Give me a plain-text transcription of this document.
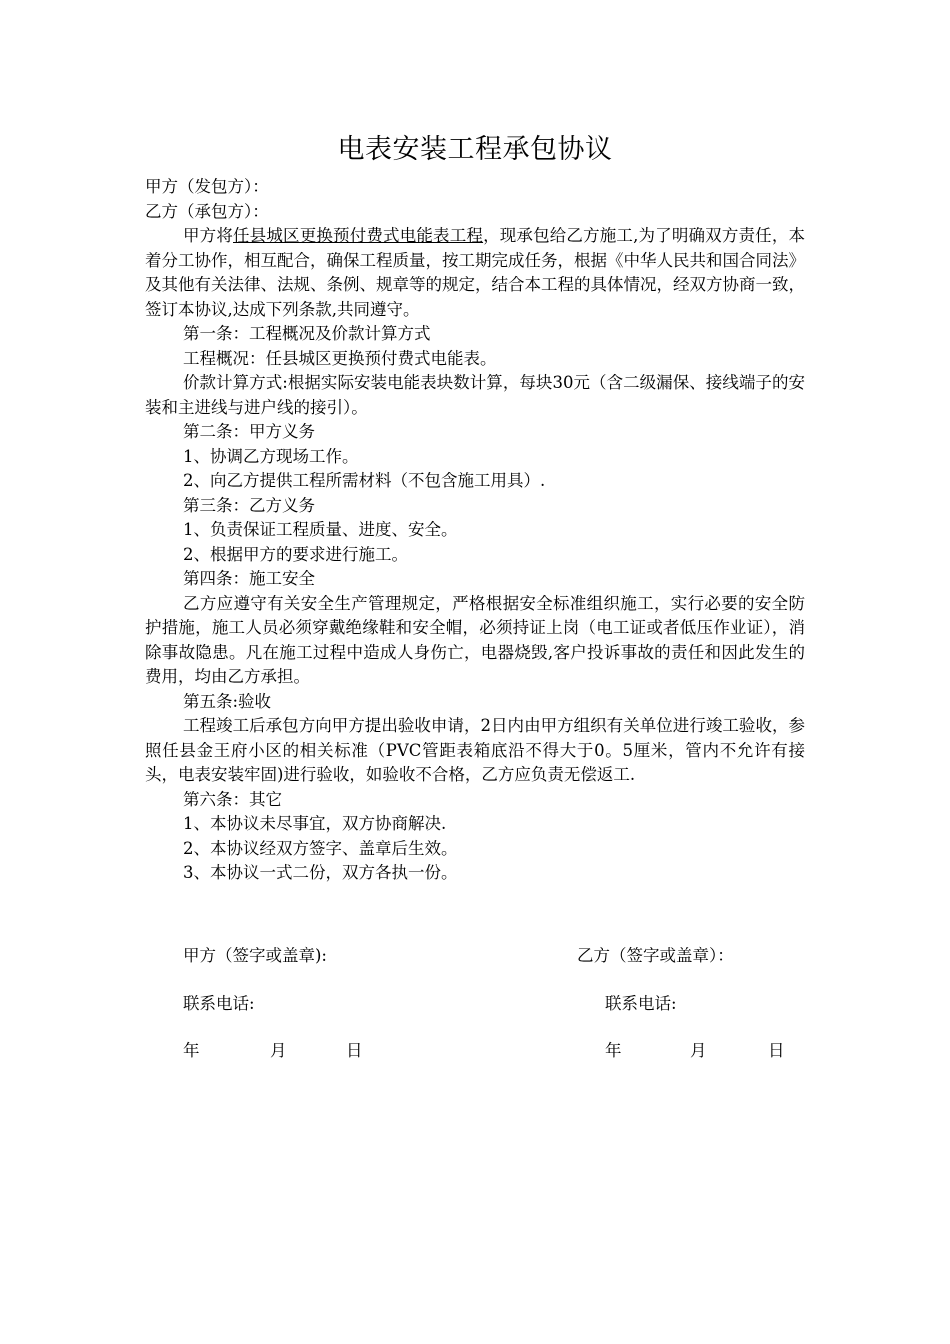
电表安装工程承包协议

甲方（发包方）：

乙方（承包方）：

甲方将任县城区更换预付费式电能表工程，现承包给乙方施工,为了明确双方责任，本着分工协作，相互配合，确保工程质量，按工期完成任务，根据《中华人民共和国合同法》及其他有关法律、法规、条例、规章等的规定，结合本工程的具体情况，经双方协商一致，签订本协议,达成下列条款,共同遵守。

第一条：工程概况及价款计算方式

工程概况：任县城区更换预付费式电能表。

价款计算方式:根据实际安装电能表块数计算，每块30元（含二级漏保、接线端子的安装和主进线与进户线的接引）。

第二条：甲方义务

1、协调乙方现场工作。

2、向乙方提供工程所需材料（不包含施工用具）.

第三条：乙方义务

1、负责保证工程质量、进度、安全。

2、根据甲方的要求进行施工。

第四条：施工安全

乙方应遵守有关安全生产管理规定，严格根据安全标准组织施工，实行必要的安全防护措施，施工人员必须穿戴绝缘鞋和安全帽，必须持证上岗（电工证或者低压作业证），消除事故隐患。凡在施工过程中造成人身伤亡，电器烧毁,客户投诉事故的责任和因此发生的费用，均由乙方承担。

第五条:验收

工程竣工后承包方向甲方提出验收申请，2日内由甲方组织有关单位进行竣工验收，参照任县金王府小区的相关标准（PVC管距表箱底沿不得大于0。5厘米，管内不允许有接头，电表安装牢固)进行验收，如验收不合格，乙方应负责无偿返工.

第六条：其它

1、本协议未尽事宜，双方协商解决.

2、本协议经双方签字、盖章后生效。

3、本协议一式二份，双方各执一份。

甲方（签字或盖章):	乙方（签字或盖章）：
联系电话:	联系电话:
年	月	日	年	月	日
